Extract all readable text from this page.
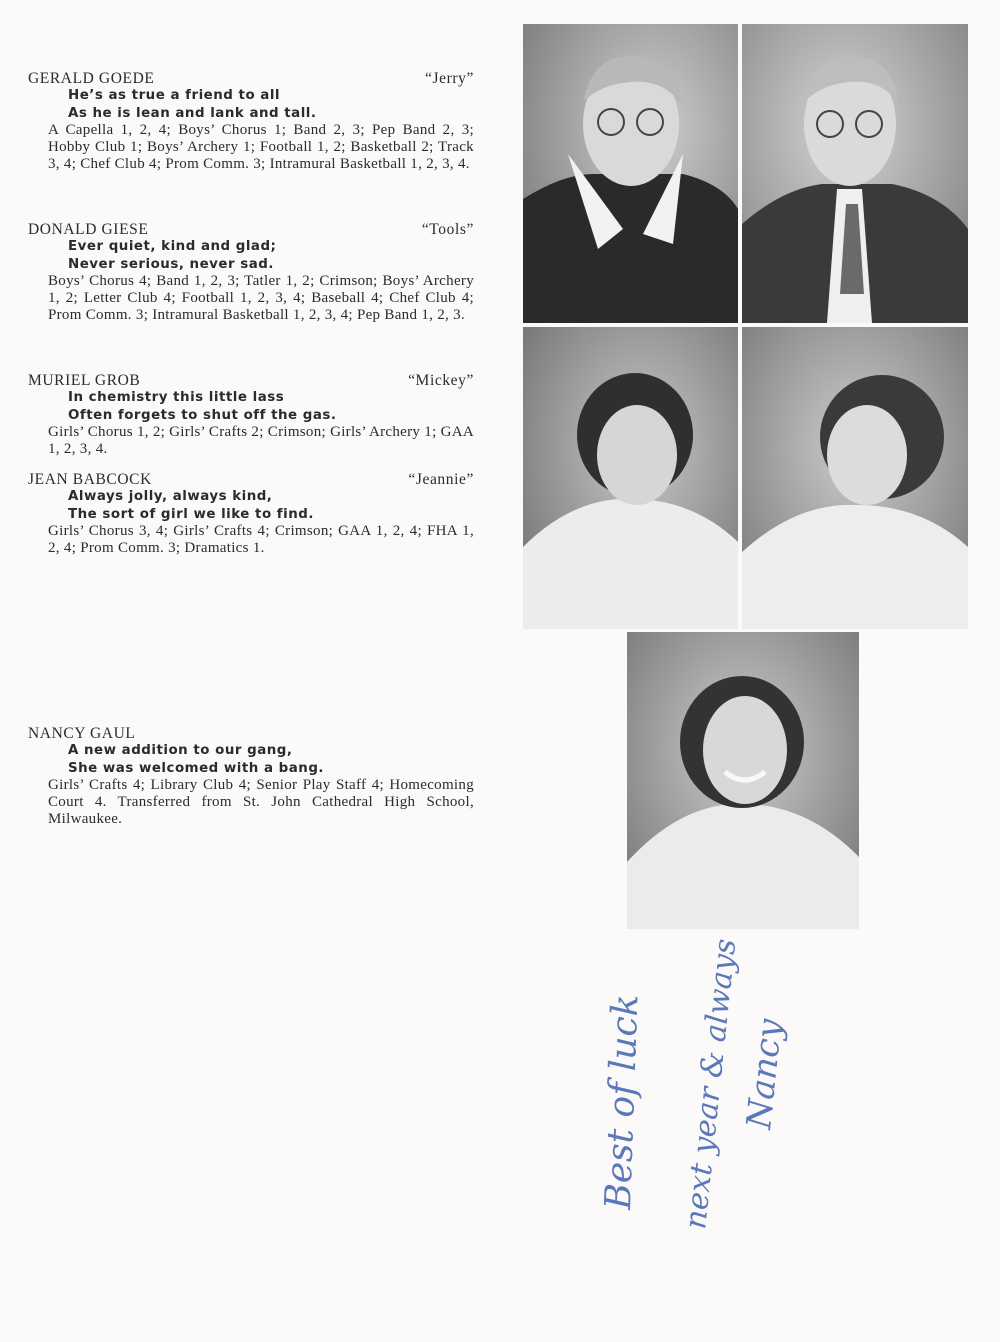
GERALD GOEDE	“Jerry”
He’s as true a friend to all
As he is lean and lank and tall.
A Capella 1, 2, 4; Boys’ Chorus 1; Band 2, 3; Pep Band 2, 3; Hobby Club 1; Boys’ Archery 1; Football 1, 2; Basketball 2; Track 3, 4; Chef Club 4; Prom Comm. 3; Intramural Basketball 1, 2, 3, 4.
DONALD GIESE	“Tools”
Ever quiet, kind and glad;
Never serious, never sad.
Boys’ Chorus 4; Band 1, 2, 3; Tatler 1, 2; Crimson; Boys’ Archery 1, 2; Letter Club 4; Football 1, 2, 3, 4; Baseball 4; Chef Club 4; Prom Comm. 3; Intramural Basketball 1, 2, 3, 4; Pep Band 1, 2, 3.
MURIEL GROB	“Mickey”
In chemistry this little lass
Often forgets to shut off the gas.
Girls’ Chorus 1, 2; Girls’ Crafts 2; Crimson; Girls’ Archery 1; GAA 1, 2, 3, 4.
JEAN BABCOCK	“Jeannie”
Always jolly, always kind,
The sort of girl we like to find.
Girls’ Chorus 3, 4; Girls’ Crafts 4; Crimson; GAA 1, 2, 4; FHA 1, 2, 4; Prom Comm. 3; Dramatics 1.
NANCY GAUL
A new addition to our gang,
She was welcomed with a bang.
Girls’ Crafts 4; Library Club 4; Senior Play Staff 4; Homecoming Court 4. Transferred from St. John Cathedral High School, Milwaukee.
Best of luck next year & always
Nancy
